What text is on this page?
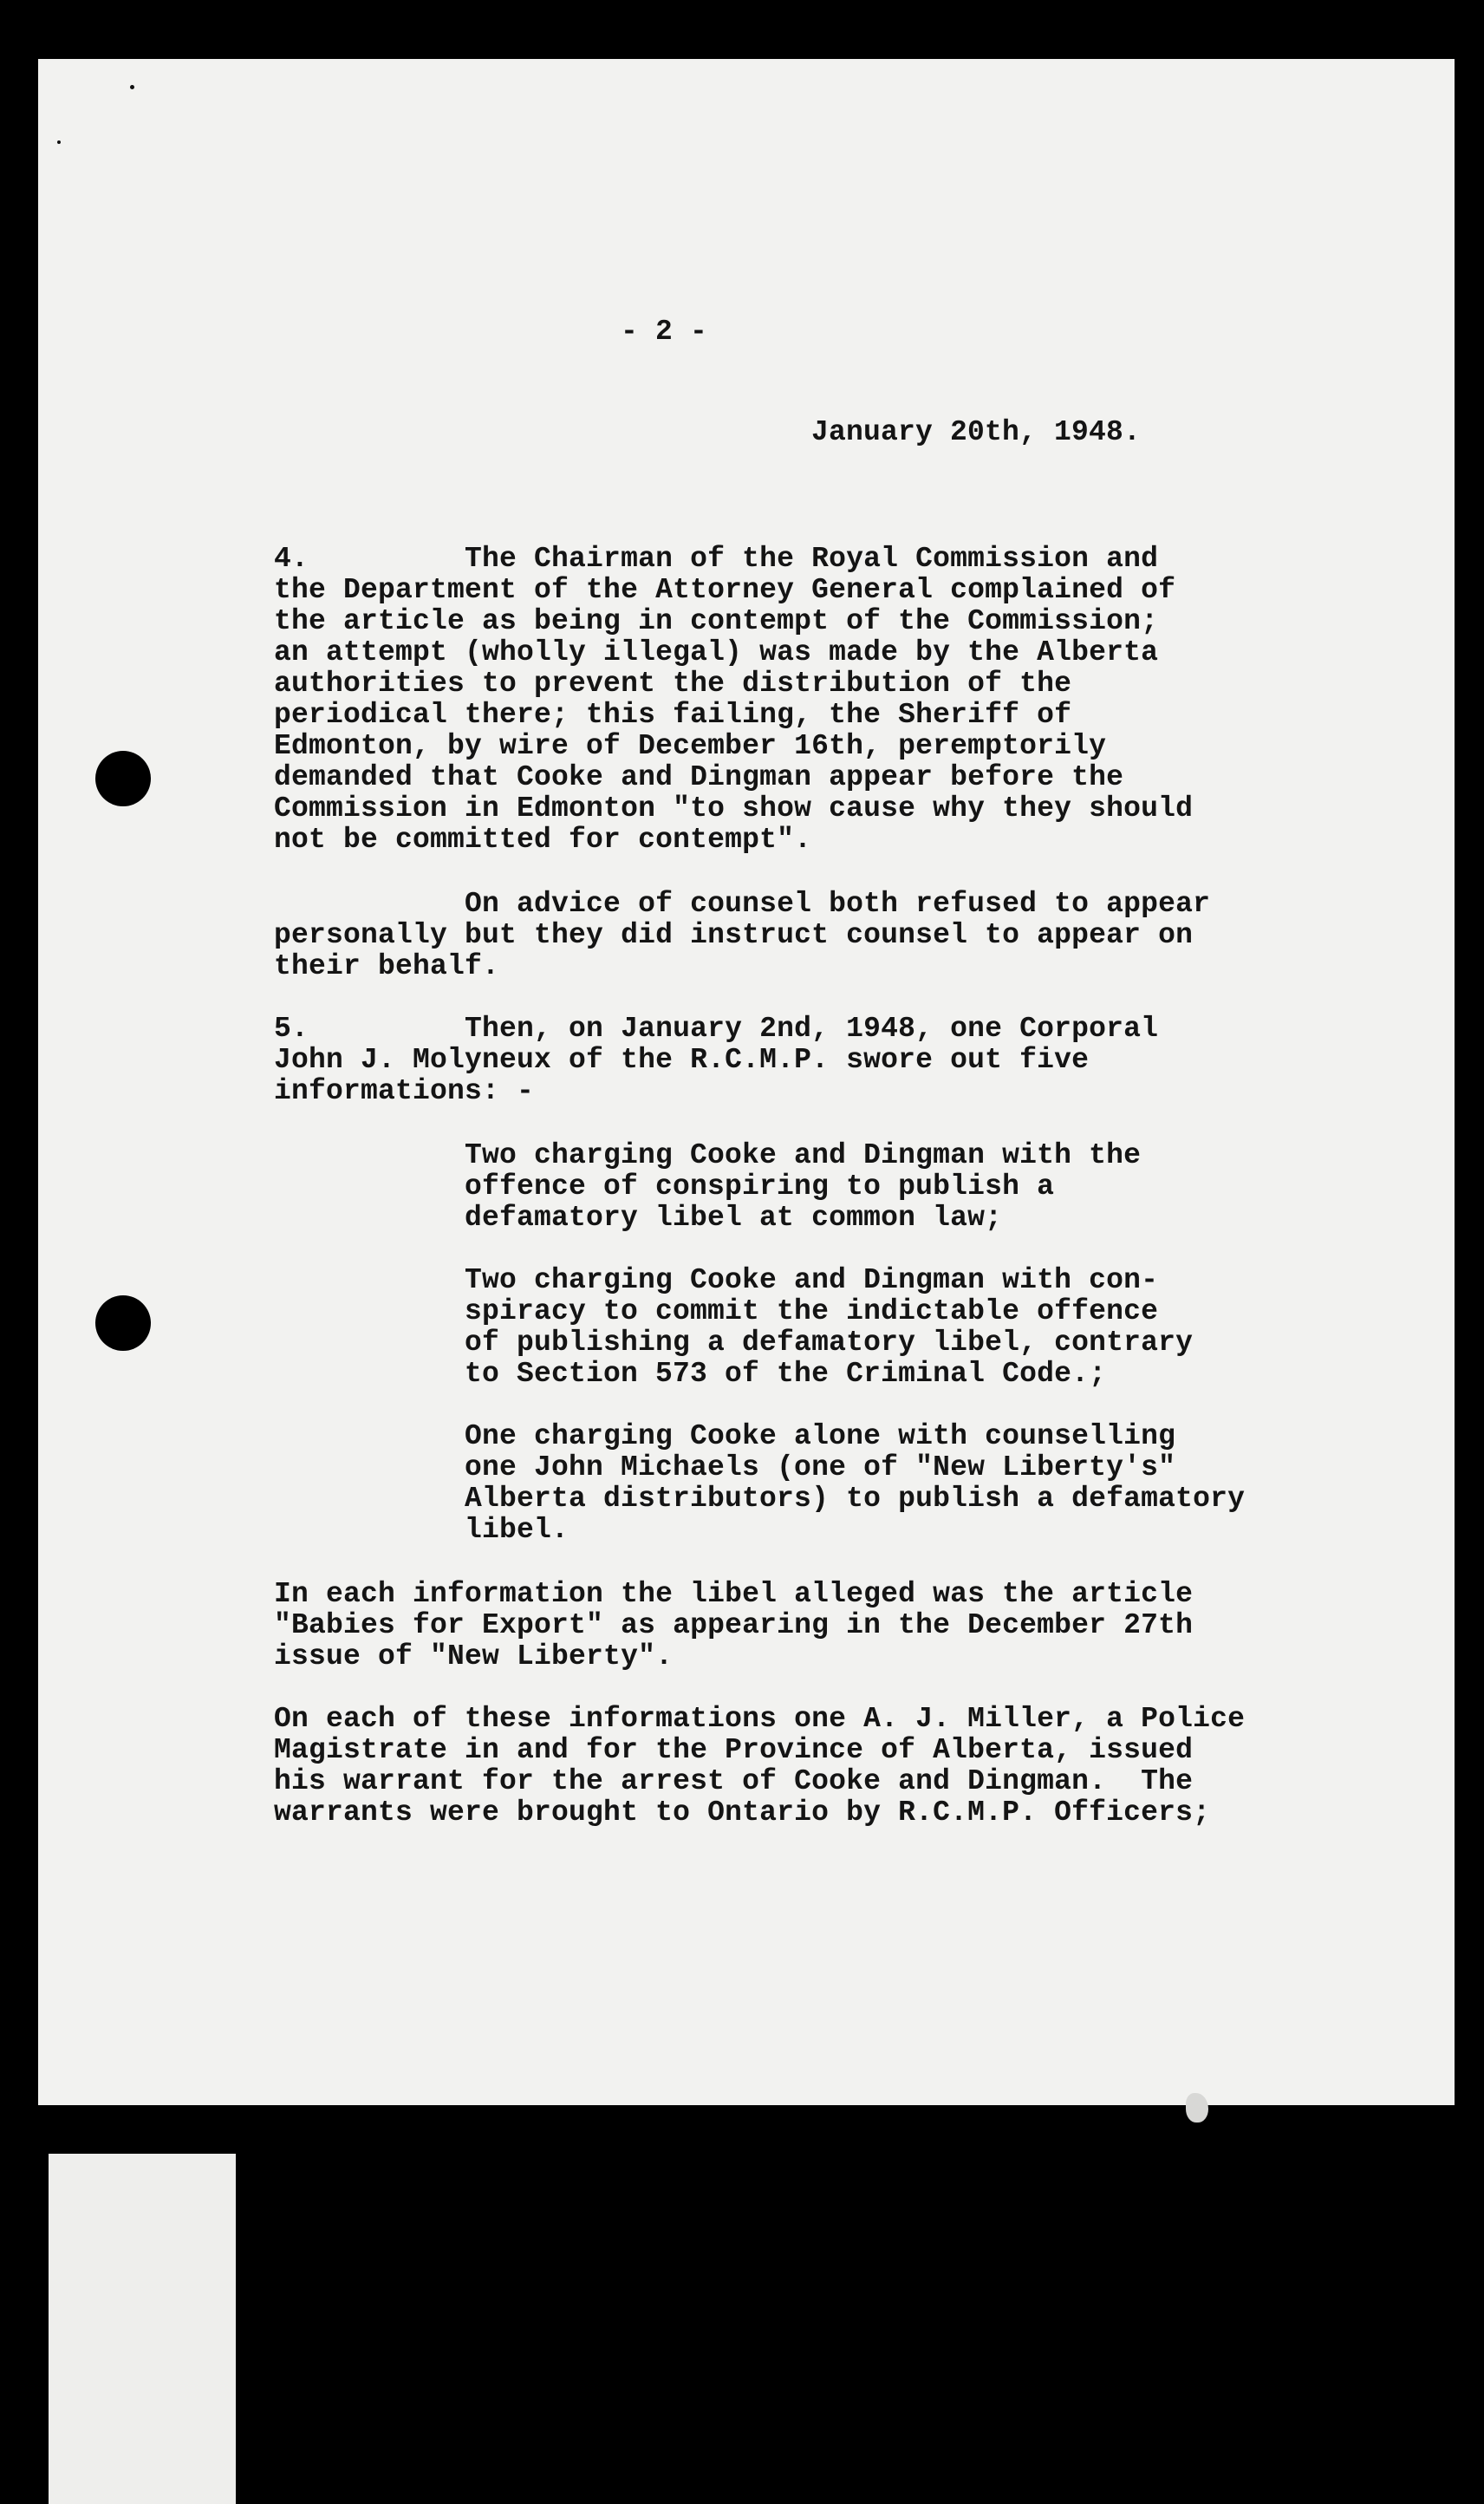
- 2 -
January 20th, 1948.
4.         The Chairman of the Royal Commission and
the Department of the Attorney General complained of
the article as being in contempt of the Commission;
an attempt (wholly illegal) was made by the Alberta
authorities to prevent the distribution of the
periodical there; this failing, the Sheriff of
Edmonton, by wire of December 16th, peremptorily
demanded that Cooke and Dingman appear before the
Commission in Edmonton "to show cause why they should
not be committed for contempt".
On advice of counsel both refused to appear
personally but they did instruct counsel to appear on
their behalf.
5.         Then, on January 2nd, 1948, one Corporal
John J. Molyneux of the R.C.M.P. swore out five
informations: -
Two charging Cooke and Dingman with the
offence of conspiring to publish a
defamatory libel at common law;
Two charging Cooke and Dingman with con-
spiracy to commit the indictable offence
of publishing a defamatory libel, contrary
to Section 573 of the Criminal Code.;
One charging Cooke alone with counselling
one John Michaels (one of "New Liberty's"
Alberta distributors) to publish a defamatory
libel.
In each information the libel alleged was the article
"Babies for Export" as appearing in the December 27th
issue of "New Liberty".
On each of these informations one A. J. Miller, a Police
Magistrate in and for the Province of Alberta, issued
his warrant for the arrest of Cooke and Dingman.  The
warrants were brought to Ontario by R.C.M.P. Officers;
